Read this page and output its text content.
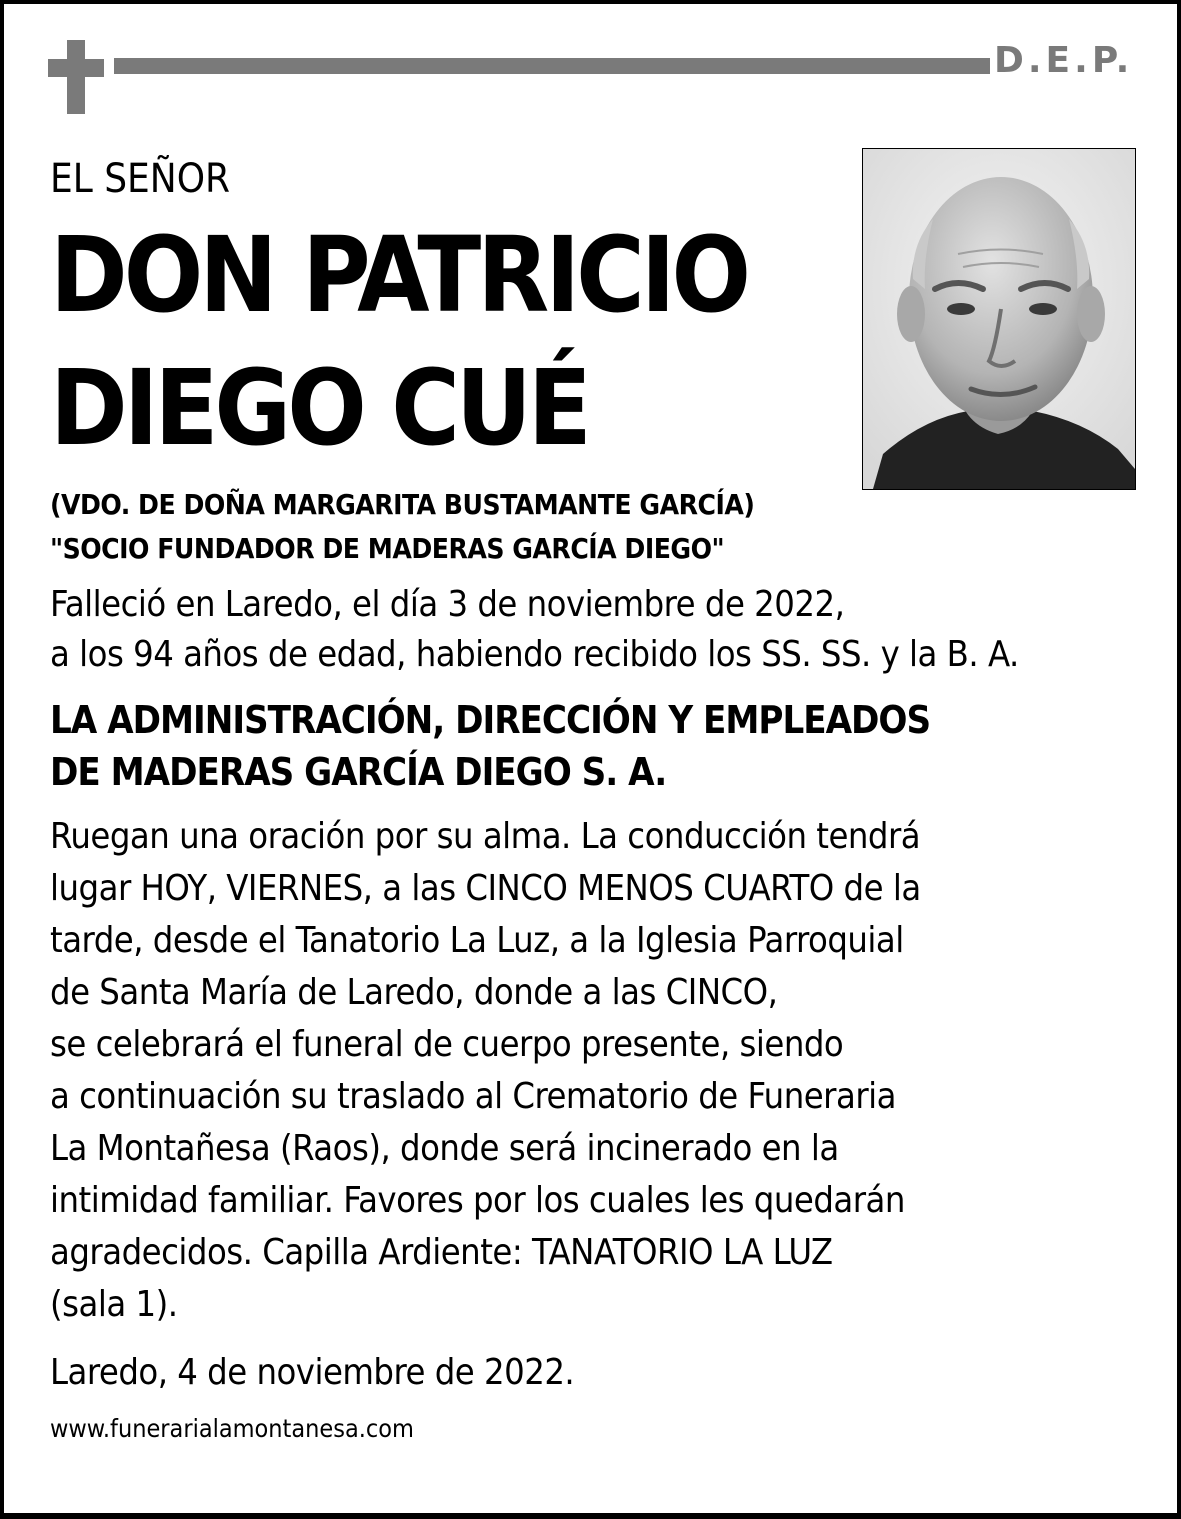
D.E.P.
EL SEÑOR
DON PATRICIO
DIEGO CUÉ
(VDO. DE DOÑA MARGARITA BUSTAMANTE GARCÍA)
"SOCIO FUNDADOR DE MADERAS GARCÍA DIEGO"
Falleció en Laredo, el día 3 de noviembre de 2022,
a los 94 años de edad, habiendo recibido los SS. SS. y la B. A.
LA ADMINISTRACIÓN, DIRECCIÓN Y EMPLEADOS
DE MADERAS GARCÍA DIEGO S. A.
Ruegan una oración por su alma. La conducción tendrá
lugar HOY, VIERNES, a las CINCO MENOS CUARTO de la
tarde, desde el Tanatorio La Luz, a la Iglesia Parroquial
de Santa María de Laredo, donde a las CINCO,
se celebrará el funeral de cuerpo presente, siendo
a continuación su traslado al Crematorio de Funeraria
La Montañesa (Raos), donde será incinerado en la
intimidad familiar. Favores por los cuales les quedarán
agradecidos. Capilla Ardiente: TANATORIO LA LUZ
(sala 1).
Laredo, 4 de noviembre de 2022.
www.funerarialamontanesa.com
